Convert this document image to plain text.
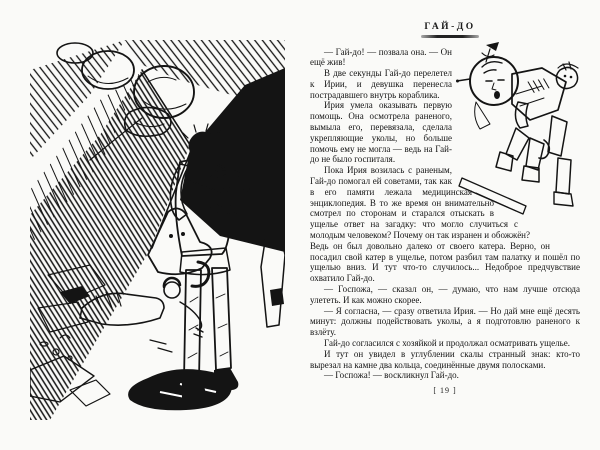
ГАЙ-ДО

— Гай-до! — позвала она. — Он ещё жив!

В две секунды Гай-до перелетел к Ирии, и девушка перенесла пострадавшего внутрь кораблика.

Ирия умела оказывать первую помощь. Она осмотрела раненого, вымыла его, перевязала, сделала укрепляющие уколы, но больше помочь ему не могла — ведь на Гай-до не было госпиталя.

Пока Ирия возилась с раненым, Гай-до помогал ей советами, так как в его памяти лежала медицинская энциклопедия. В то же время он внимательно смотрел по сторонам и старался отыскать в ущелье ответ на загадку: что могло случиться с молодым человеком? Почему он так изранен и обожжён? Ведь он был довольно далеко от своего катера. Верно, он посадил свой катер в ущелье, потом разбил там палатку и пошёл по ущелью вниз. И тут что-то случилось... Недоброе предчувствие охватило Гай-до.

— Госпожа, — сказал он, — думаю, что нам лучше отсюда улететь. И как можно скорее.

— Я согласна, — сразу ответила Ирия. — Но дай мне ещё десять минут: должны подействовать уколы, а я подготовлю раненого к взлёту.

Гай-до согласился с хозяйкой и продолжал осматривать ущелье.

И тут он увидел в углублении скалы странный знак: кто-то вырезал на камне два кольца, соединённые двумя полосками.

— Госпожа! — воскликнул Гай-до.

[ 19 ]
